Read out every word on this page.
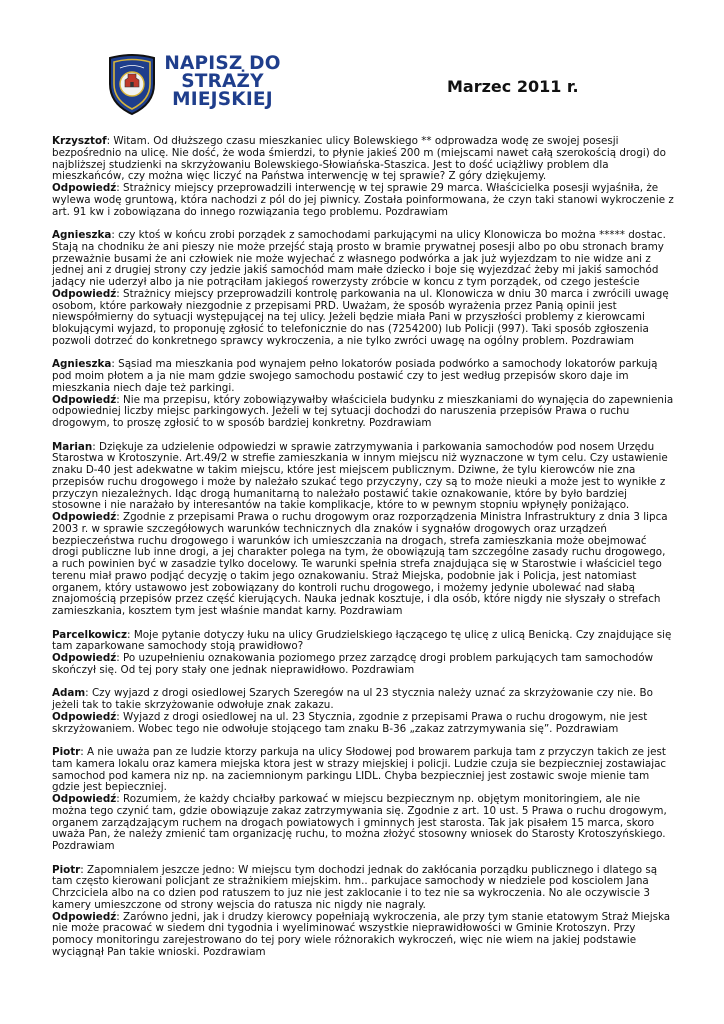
NAPISZ DO
STRAŻY
MIEJSKIEJ
Marzec 2011 r.

Krzysztof: Witam. Od dłuższego czasu mieszkaniec ulicy Bolewskiego ** odprowadza wodę ze swojej posesji bezpośrednio na ulicę. Nie dość, że woda śmierdzi, to płynie jakieś 200 m (miejscami nawet całą szerokością drogi) do najbliższej studzienki na skrzyżowaniu Bolewskiego-Słowiańska-Staszica. Jest to dość uciążliwy problem dla mieszkańców, czy można więc liczyć na Państwa interwencję w tej sprawie? Z góry dziękujemy.

Odpowiedź: Strażnicy miejscy przeprowadzili interwencję w tej sprawie 29 marca. Właścicielka posesji wyjaśniła, że wylewa wodę gruntową, która nachodzi z pól do jej piwnicy. Została poinformowana, że czyn taki stanowi wykroczenie z art. 91 kw i zobowiązana do innego rozwiązania tego problemu. Pozdrawiam

Agnieszka: czy ktoś w końcu zrobi porządek z samochodami parkującymi na ulicy Klonowicza bo można ***** dostac. Stają na chodniku że ani pieszy nie może przejść stają prosto w bramie prywatnej posesji albo po obu stronach bramy przeważnie busami że ani człowiek nie może wyjechać z własnego podwórka a jak już wyjezdzam to nie widze ani z jednej ani z drugiej strony czy jedzie jakiś samochód mam małe dziecko i boje się wyjezdzać żeby mi jakiś samochód jadący nie uderzył albo ja nie potrąciłam jakiegoś rowerzysty zróbcie w koncu z tym porządek, od czego jesteście

Odpowiedź: Strażnicy miejscy przeprowadzili kontrolę parkowania na ul. Klonowicza w dniu 30 marca i zwrócili uwagę osobom, które parkowały niezgodnie z przepisami PRD. Uważam, że sposób wyrażenia przez Panią opinii jest niewspółmierny do sytuacji występującej na tej ulicy. Jeżeli będzie miała Pani w przyszłości problemy z kierowcami blokującymi wyjazd, to proponuję zgłosić to telefonicznie do nas (7254200) lub Policji (997). Taki sposób zgłoszenia pozwoli dotrzeć do konkretnego sprawcy wykroczenia, a nie tylko zwróci uwagę na ogólny problem. Pozdrawiam

Agnieszka: Sąsiad ma mieszkania pod wynajem pełno lokatorów posiada podwórko a samochody lokatorów parkują pod moim płotem a ja nie mam gdzie swojego samochodu postawić czy to jest według przepisów skoro daje im mieszkania niech daje też parkingi.

Odpowiedź: Nie ma przepisu, który zobowiązywałby właściciela budynku z mieszkaniami do wynajęcia do zapewnienia odpowiedniej liczby miejsc parkingowych. Jeżeli w tej sytuacji dochodzi do naruszenia przepisów Prawa o ruchu drogowym, to proszę zgłosić to w sposób bardziej konkretny. Pozdrawiam

Marian: Dziękuje za udzielenie odpowiedzi w sprawie zatrzymywania i parkowania samochodów pod nosem Urzędu Starostwa w Krotoszynie. Art.49/2 w strefie zamieszkania w innym miejscu niż wyznaczone w tym celu. Czy ustawienie znaku D-40 jest adekwatne w takim miejscu, które jest miejscem publicznym. Dziwne, że tylu kierowców nie zna przepisów ruchu drogowego i może by należało szukać tego przyczyny, czy są to może nieuki a może jest to wynikłe z przyczyn niezależnych. Idąc drogą humanitarną to należało postawić takie oznakowanie, które by było bardziej stosowne i nie narażało by interesantów na takie komplikacje, które to w pewnym stopniu wpłynęły poniżająco.

Odpowiedź: Zgodnie z przepisami Prawa o ruchu drogowym oraz rozporządzenia Ministra Infrastruktury z dnia 3 lipca 2003 r. w sprawie szczegółowych warunków technicznych dla znaków i sygnałów drogowych oraz urządzeń bezpieczeństwa ruchu drogowego i warunków ich umieszczania na drogach, strefa zamieszkania może obejmować drogi publiczne lub inne drogi, a jej charakter polega na tym, że obowiązują tam szczególne zasady ruchu drogowego, a ruch powinien być w zasadzie tylko docelowy. Te warunki spełnia strefa znajdująca się w Starostwie i właściciel tego terenu miał prawo podjąć decyzję o takim jego oznakowaniu. Straż Miejska, podobnie jak i Policja, jest natomiast organem, który ustawowo jest zobowiązany do kontroli ruchu drogowego, i możemy jedynie ubolewać nad słabą znajomością przepisów przez część kierujących. Nauka jednak kosztuje, i dla osób, które nigdy nie słyszały o strefach zamieszkania, kosztem tym jest właśnie mandat karny. Pozdrawiam

Parcelkowicz: Moje pytanie dotyczy łuku na ulicy Grudzielskiego łączącego tę ulicę z ulicą Benicką. Czy znajdujące się tam zaparkowane samochody stoją prawidłowo?

Odpowiedź: Po uzupełnieniu oznakowania poziomego przez zarządcę drogi problem parkujących tam samochodów skończył się. Od tej pory stały one jednak nieprawidłowo. Pozdrawiam

Adam: Czy wyjazd z drogi osiedlowej Szarych Szeregów na ul 23 stycznia należy uznać za skrzyżowanie czy nie. Bo jeżeli tak to takie skrzyżowanie odwołuje znak zakazu.

Odpowiedź: Wyjazd z drogi osiedlowej na ul. 23 Stycznia, zgodnie z przepisami Prawa o ruchu drogowym, nie jest skrzyżowaniem. Wobec tego nie odwołuje stojącego tam znaku B-36 „zakaz zatrzymywania się”. Pozdrawiam

Piotr: A nie uważa pan ze ludzie ktorzy parkuja na ulicy Słodowej pod browarem parkuja tam z przyczyn takich ze jest tam kamera lokalu oraz kamera miejska ktora jest w strazy miejskiej i policji. Ludzie czuja sie bezpieczniej zostawiajac samochod pod kamera niz np. na zaciemnionym parkingu LIDL. Chyba bezpieczniej jest zostawic swoje mienie tam gdzie jest bepieczniej.

Odpowiedź: Rozumiem, że każdy chciałby parkować w miejscu bezpiecznym np. objętym monitoringiem, ale nie można tego czynić tam, gdzie obowiązuje zakaz zatrzymywania się. Zgodnie z art. 10 ust. 5 Prawa o ruchu drogowym, organem zarządzającym ruchem na drogach powiatowych i gminnych jest starosta. Tak jak pisałem 15 marca, skoro uważa Pan, że należy zmienić tam organizację ruchu, to można złożyć stosowny wniosek do Starosty Krotoszyńskiego. Pozdrawiam

Piotr: Zapomnialem jeszcze jedno: W miejscu tym dochodzi jednak do zakłócania porządku publicznego i dlatego są tam często kierowani policjant ze strażnikiem miejskim. hm.. parkujace samochody w niedziele pod kosciolem Jana Chrzciciela albo na co dzien pod ratuszem to juz nie jest zaklocanie i to tez nie sa wykroczenia. No ale oczywiscie 3 kamery umieszczone od strony wejscia do ratusza nic nigdy nie nagraly.

Odpowiedź: Zarówno jedni, jak i drudzy kierowcy popełniają wykroczenia, ale przy tym stanie etatowym Straż Miejska nie może pracować w siedem dni tygodnia i wyeliminować wszystkie nieprawidłowości w Gminie Krotoszyn. Przy pomocy monitoringu zarejestrowano do tej pory wiele różnorakich wykroczeń, więc nie wiem na jakiej podstawie wyciągnął Pan takie wnioski. Pozdrawiam
